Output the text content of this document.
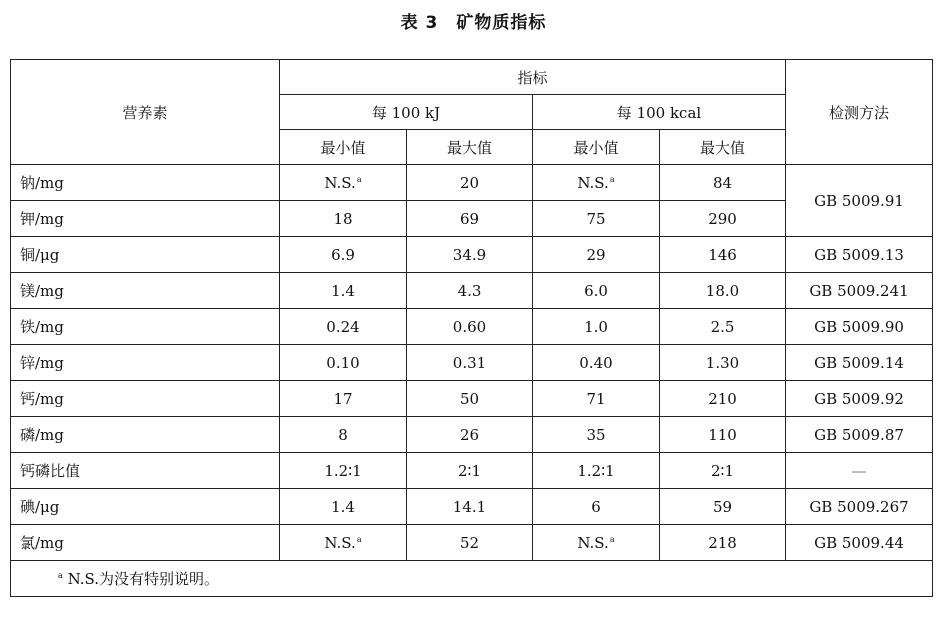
表 3　矿物质指标
营养素	指标				检测方法
	每 100 kJ		每 100 kcal		
	最小值	最大值	最小值	最大值	
钠/mg	N.S.$^a$	20	N.S.$^a$	84	GB 5009.91
钾/mg	18	69	75	290	
铜/μg	6.9	34.9	29	146	GB 5009.13
镁/mg	1.4	4.3	6.0	18.0	GB 5009.241
铁/mg	0.24	0.60	1.0	2.5	GB 5009.90
锌/mg	0.10	0.31	0.40	1.30	GB 5009.14
钙/mg	17	50	71	210	GB 5009.92
磷/mg	8	26	35	110	GB 5009.87
钙磷比值	1.2∶1	2∶1	1.2∶1	2∶1	—
碘/μg	1.4	14.1	6	59	GB 5009.267
氯/mg	N.S.$^a$	52	N.S.$^a$	218	GB 5009.44
$^a$ N.S.为没有特别说明。					
